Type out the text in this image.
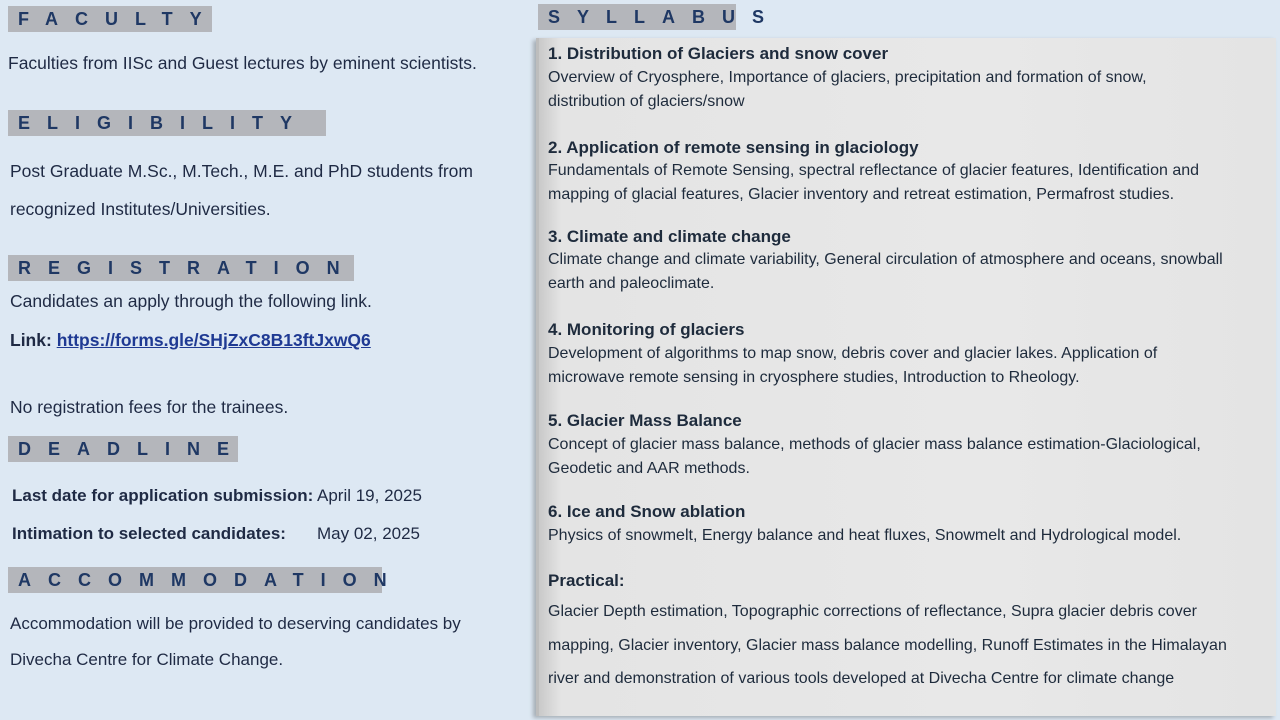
FACULTY
Faculties from IISc and Guest lectures by eminent scientists.
ELIGIBILITY
Post Graduate M.Sc., M.Tech., M.E. and PhD students from
recognized Institutes/Universities.
REGISTRATION
Candidates an apply through the following link.
Link: https://forms.gle/SHjZxC8B13ftJxwQ6
No registration fees for the trainees.
DEADLINE
Last date for application submission: April 19, 2025
Intimation to selected candidates: May 02, 2025
ACCOMMODATION
Accommodation will be provided to deserving candidates by
Divecha Centre for Climate Change.
SYLLABUS
1. Distribution of Glaciers and snow cover
Overview of Cryosphere, Importance of glaciers, precipitation and formation of snow,
distribution of glaciers/snow
2. Application of remote sensing in glaciology
Fundamentals of Remote Sensing, spectral reflectance of glacier features, Identification and
mapping of glacial features, Glacier inventory and retreat estimation, Permafrost studies.
3. Climate and climate change
Climate change and climate variability, General circulation of atmosphere and oceans, snowball
earth and paleoclimate.
4. Monitoring of glaciers
Development of algorithms to map snow, debris cover and glacier lakes. Application of
microwave remote sensing in cryosphere studies, Introduction to Rheology.
5. Glacier Mass Balance
Concept of glacier mass balance, methods of glacier mass balance estimation-Glaciological,
Geodetic and AAR methods.
6. Ice and Snow ablation
Physics of snowmelt, Energy balance and heat fluxes, Snowmelt and Hydrological model.
Practical:
Glacier Depth estimation, Topographic corrections of reflectance, Supra glacier debris cover
mapping, Glacier inventory, Glacier mass balance modelling, Runoff Estimates in the Himalayan
river and demonstration of various tools developed at Divecha Centre for climate change
